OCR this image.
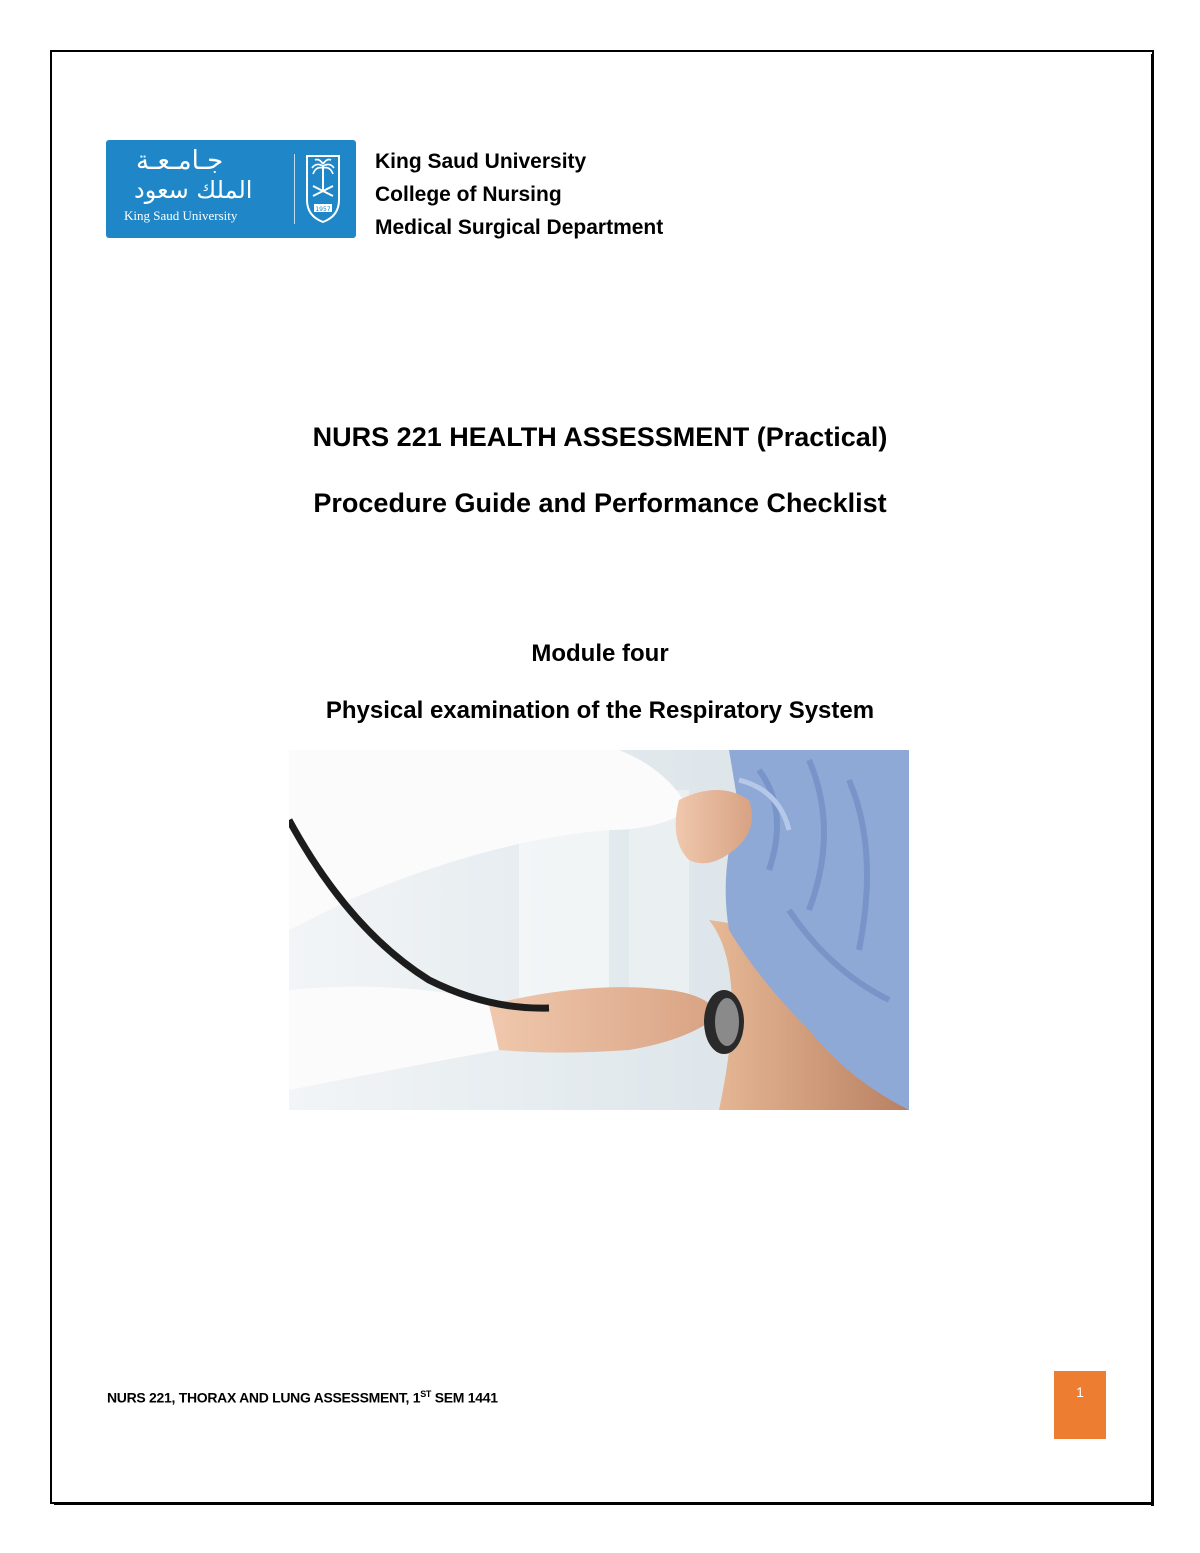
جـامـعـة
الملك سعود
King Saud University	1957
King Saud University
College of Nursing
Medical Surgical Department
NURS 221 HEALTH ASSESSMENT (Practical)
Procedure Guide and Performance Checklist
Module four
Physical examination of the Respiratory System
NURS 221, THORAX AND LUNG ASSESSMENT, 1ST SEM 1441	1
